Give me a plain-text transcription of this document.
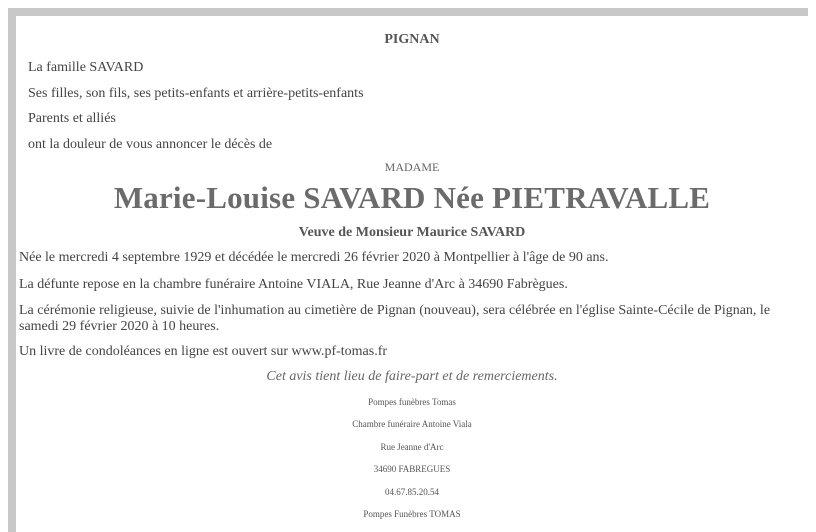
PIGNAN
La famille SAVARD
Ses filles, son fils, ses petits-enfants et arrière-petits-enfants
Parents et alliés
ont la douleur de vous annoncer le décès de
MADAME
Marie-Louise SAVARD Née PIETRAVALLE
Veuve de Monsieur Maurice SAVARD
Née le mercredi 4 septembre 1929 et décédée le mercredi 26 février 2020 à Montpellier à l'âge de 90 ans.
La défunte repose en la chambre funéraire Antoine VIALA, Rue Jeanne d'Arc à 34690 Fabrègues.
La cérémonie religieuse, suivie de l'inhumation au cimetière de Pignan (nouveau), sera célébrée en l'église Sainte-Cécile de Pignan, le samedi 29 février 2020 à 10 heures.
Un livre de condoléances en ligne est ouvert sur www.pf-tomas.fr
Cet avis tient lieu de faire-part et de remerciements.
Pompes funèbres Tomas
Chambre funéraire Antoine Viala
Rue Jeanne d'Arc
34690 FABREGUES
04.67.85.20.54
Pompes Funèbres TOMAS
